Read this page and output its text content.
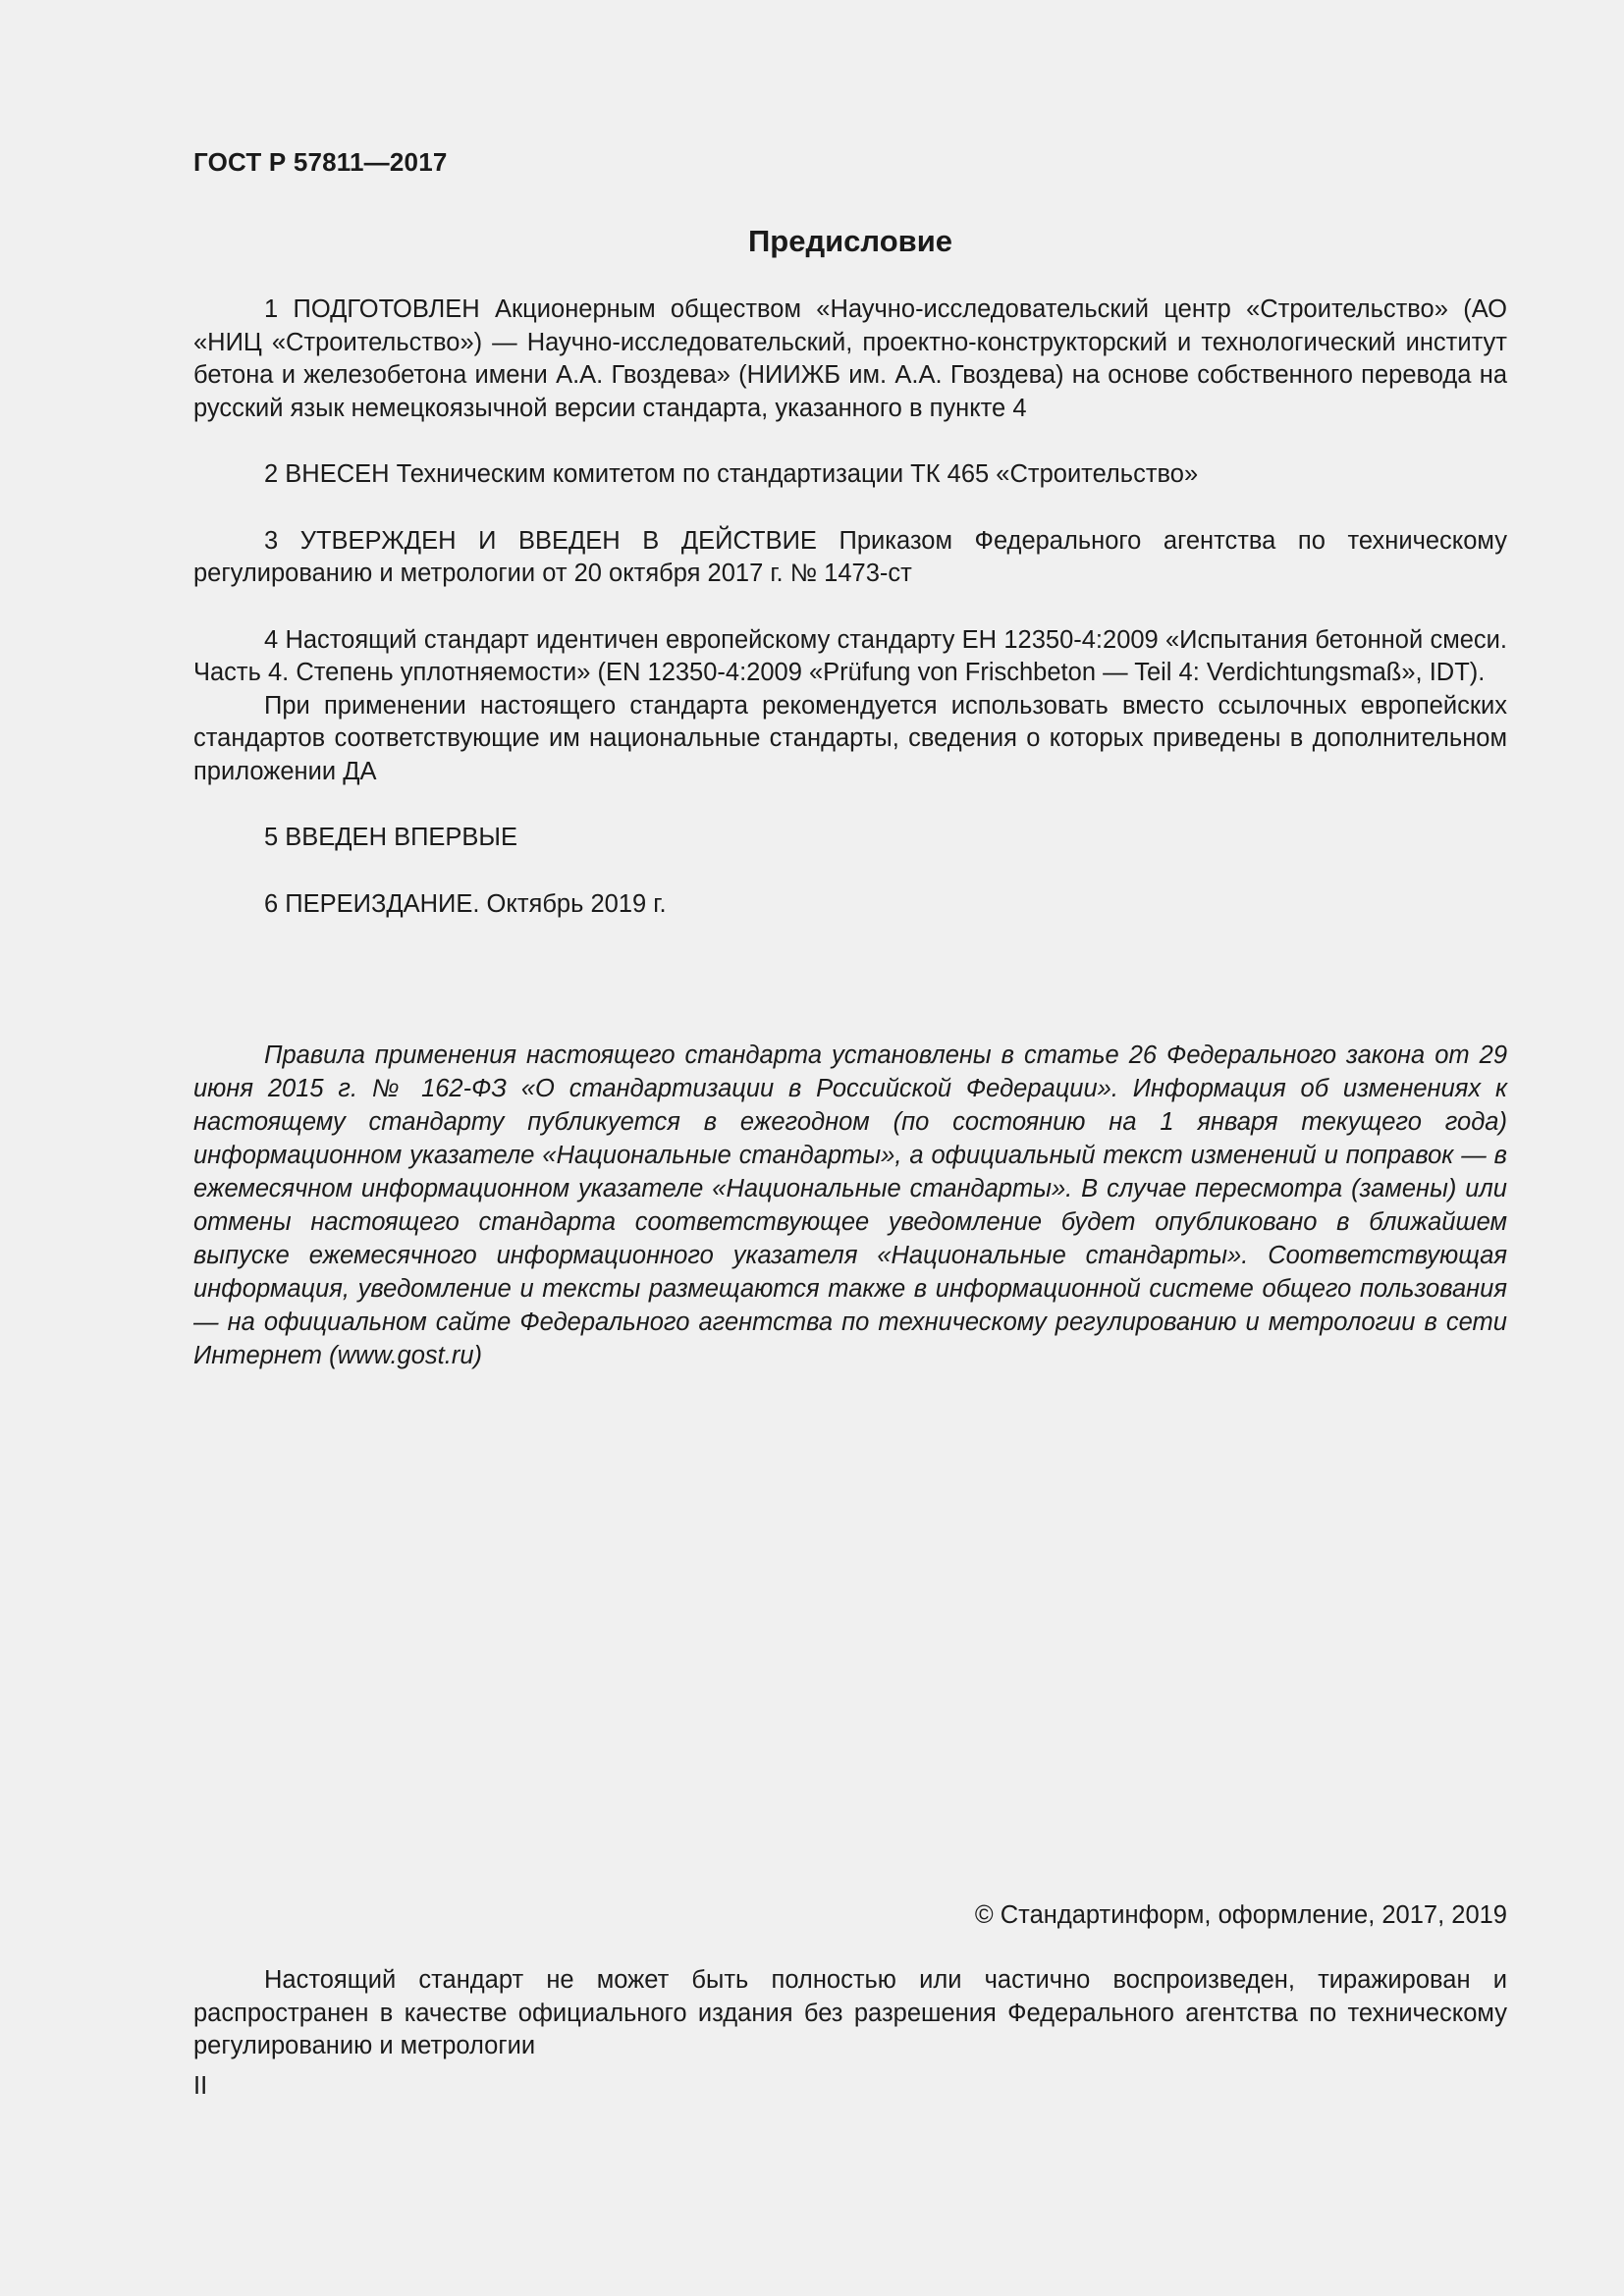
ГОСТ Р 57811—2017
Предисловие

1 ПОДГОТОВЛЕН Акционерным обществом «Научно-исследовательский центр «Строительство» (АО «НИЦ «Строительство») — Научно-исследовательский, проектно-конструкторский и технологический институт бетона и железобетона имени А.А. Гвоздева» (НИИЖБ им. А.А. Гвоздева) на основе собственного перевода на русский язык немецкоязычной версии стандарта, указанного в пункте 4

2 ВНЕСЕН Техническим комитетом по стандартизации ТК 465 «Строительство»

3 УТВЕРЖДЕН И ВВЕДЕН В ДЕЙСТВИЕ Приказом Федерального агентства по техническому регулированию и метрологии от 20 октября 2017 г. № 1473-ст

4 Настоящий стандарт идентичен европейскому стандарту ЕН 12350-4:2009 «Испытания бетонной смеси. Часть 4. Степень уплотняемости» (EN 12350-4:2009 «Prüfung von Frischbeton — Teil 4: Verdichtungsmaß», IDT).

При применении настоящего стандарта рекомендуется использовать вместо ссылочных европейских стандартов соответствующие им национальные стандарты, сведения о которых приведены в дополнительном приложении ДА

5 ВВЕДЕН ВПЕРВЫЕ

6 ПЕРЕИЗДАНИЕ. Октябрь 2019 г.

Правила применения настоящего стандарта установлены в статье 26 Федерального закона от 29 июня 2015 г. № 162-ФЗ «О стандартизации в Российской Федерации». Информация об изменениях к настоящему стандарту публикуется в ежегодном (по состоянию на 1 января текущего года) информационном указателе «Национальные стандарты», а официальный текст изменений и поправок — в ежемесячном информационном указателе «Национальные стандарты». В случае пересмотра (замены) или отмены настоящего стандарта соответствующее уведомление будет опубликовано в ближайшем выпуске ежемесячного информационного указателя «Национальные стандарты». Соответствующая информация, уведомление и тексты размещаются также в информационной системе общего пользования — на официальном сайте Федерального агентства по техническому регулированию и метрологии в сети Интернет (www.gost.ru)

© Стандартинформ, оформление, 2017, 2019

Настоящий стандарт не может быть полностью или частично воспроизведен, тиражирован и распространен в качестве официального издания без разрешения Федерального агентства по техническому регулированию и метрологии

II
